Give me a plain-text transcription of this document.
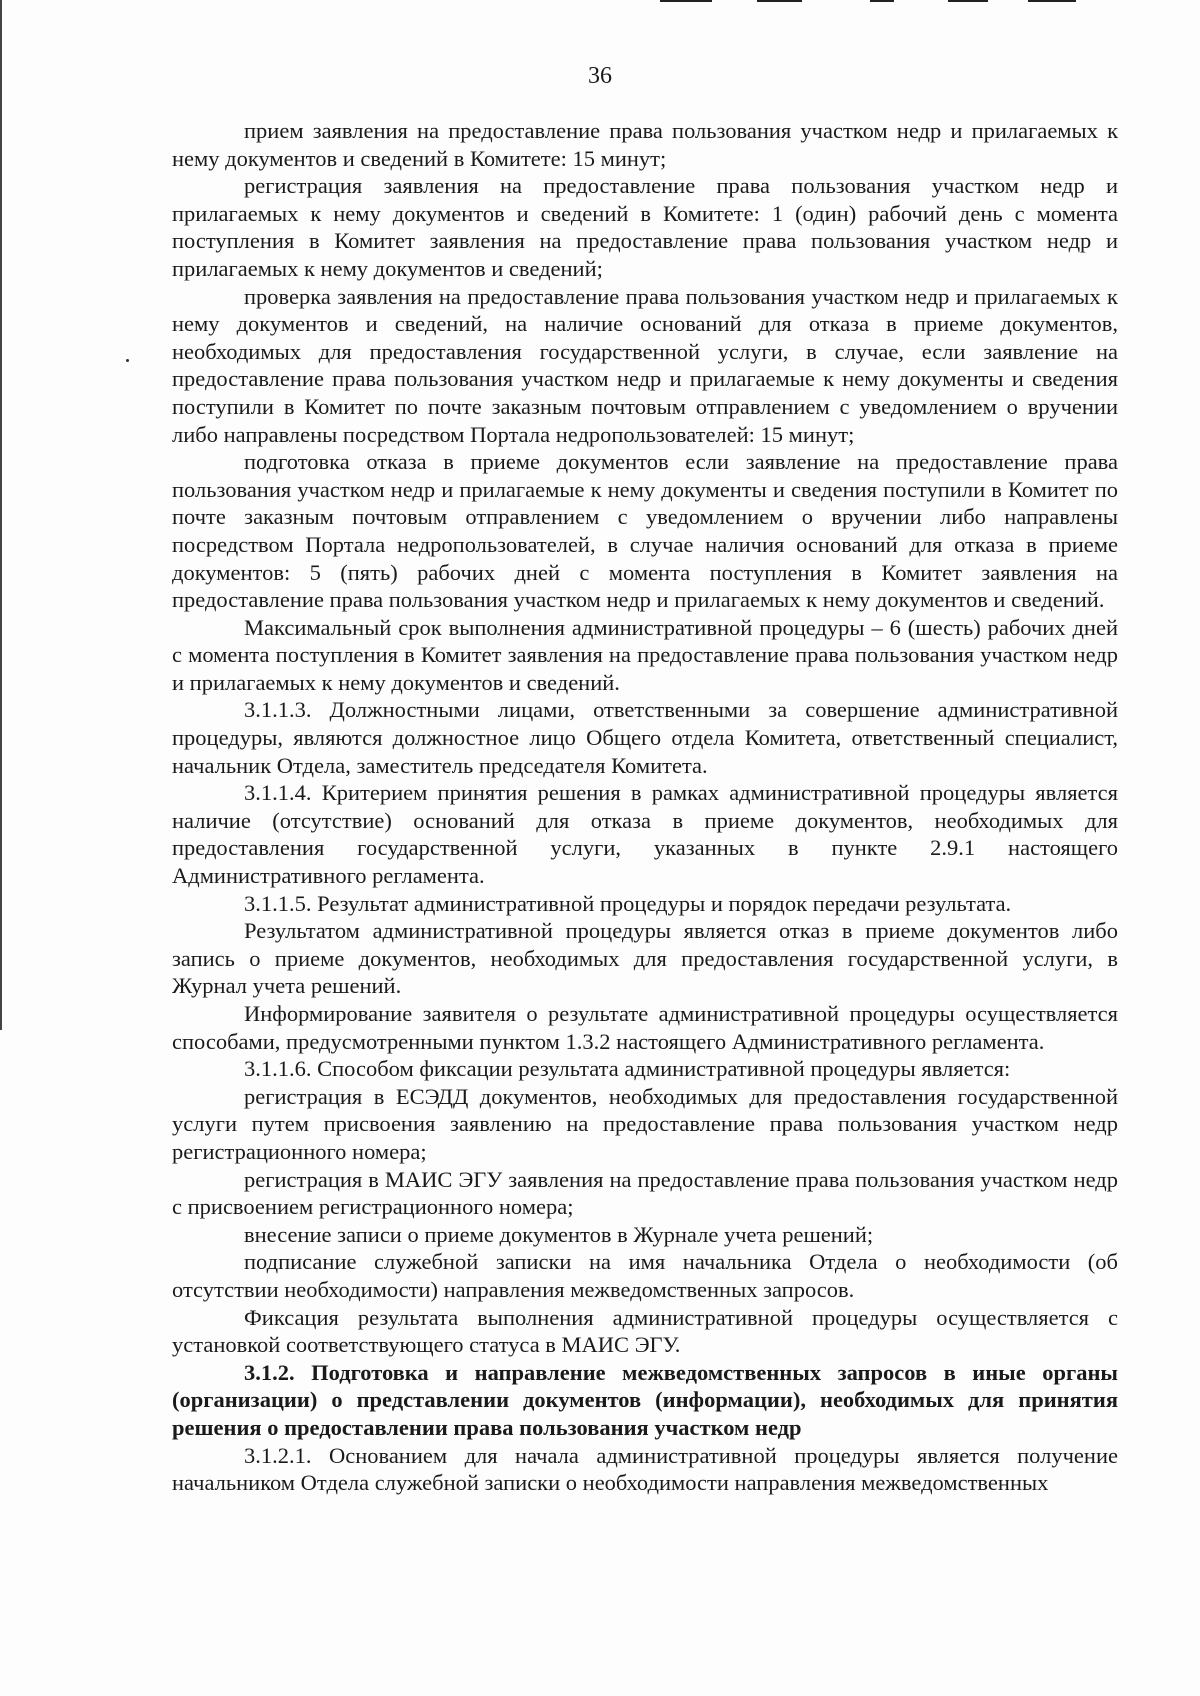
36

прием заявления на предоставление права пользования участком недр и прилагаемых к нему документов и сведений в Комитете: 15 минут;

регистрация заявления на предоставление права пользования участком недр и прилагаемых к нему документов и сведений в Комитете: 1 (один) рабочий день с момента поступления в Комитет заявления на предоставление права пользования участком недр и прилагаемых к нему документов и сведений;

проверка заявления на предоставление права пользования участком недр и прилагаемых к нему документов и сведений, на наличие оснований для отказа в приеме документов, необходимых для предоставления государственной услуги, в случае, если заявление на предоставление права пользования участком недр и прилагаемые к нему документы и сведения поступили в Комитет по почте заказным почтовым отправлением с уведомлением о вручении либо направлены посредством Портала недропользователей: 15 минут;

подготовка отказа в приеме документов если заявление на предоставление права пользования участком недр и прилагаемые к нему документы и сведения поступили в Комитет по почте заказным почтовым отправлением с уведомлением о вручении либо направлены посредством Портала недропользователей, в случае наличия оснований для отказа в приеме документов: 5 (пять) рабочих дней с момента поступления в Комитет заявления на предоставление права пользования участком недр и прилагаемых к нему документов и сведений.

Максимальный срок выполнения административной процедуры – 6 (шесть) рабочих дней с момента поступления в Комитет заявления на предоставление права пользования участком недр и прилагаемых к нему документов и сведений.

3.1.1.3. Должностными лицами, ответственными за совершение административной процедуры, являются должностное лицо Общего отдела Комитета, ответственный специалист, начальник Отдела, заместитель председателя Комитета.

3.1.1.4. Критерием принятия решения в рамках административной процедуры является наличие (отсутствие) оснований для отказа в приеме документов, необходимых для предоставления государственной услуги, указанных в пункте 2.9.1 настоящего Административного регламента.

3.1.1.5. Результат административной процедуры и порядок передачи результата.

Результатом административной процедуры является отказ в приеме документов либо запись о приеме документов, необходимых для предоставления государственной услуги, в Журнал учета решений.

Информирование заявителя о результате административной процедуры осуществляется способами, предусмотренными пунктом 1.3.2 настоящего Административного регламента.

3.1.1.6. Способом фиксации результата административной процедуры является:

регистрация в ЕСЭДД документов, необходимых для предоставления государственной услуги путем присвоения заявлению на предоставление права пользования участком недр регистрационного номера;

регистрация в МАИС ЭГУ заявления на предоставление права пользования участком недр с присвоением регистрационного номера;

внесение записи о приеме документов в Журнале учета решений;

подписание служебной записки на имя начальника Отдела о необходимости (об отсутствии необходимости) направления межведомственных запросов.

Фиксация результата выполнения административной процедуры осуществляется с установкой соответствующего статуса в МАИС ЭГУ.

3.1.2. Подготовка и направление межведомственных запросов в иные органы (организации) о представлении документов (информации), необходимых для принятия решения о предоставлении права пользования участком недр

3.1.2.1. Основанием для начала административной процедуры является получение начальником Отдела служебной записки о необходимости направления межведомственных
